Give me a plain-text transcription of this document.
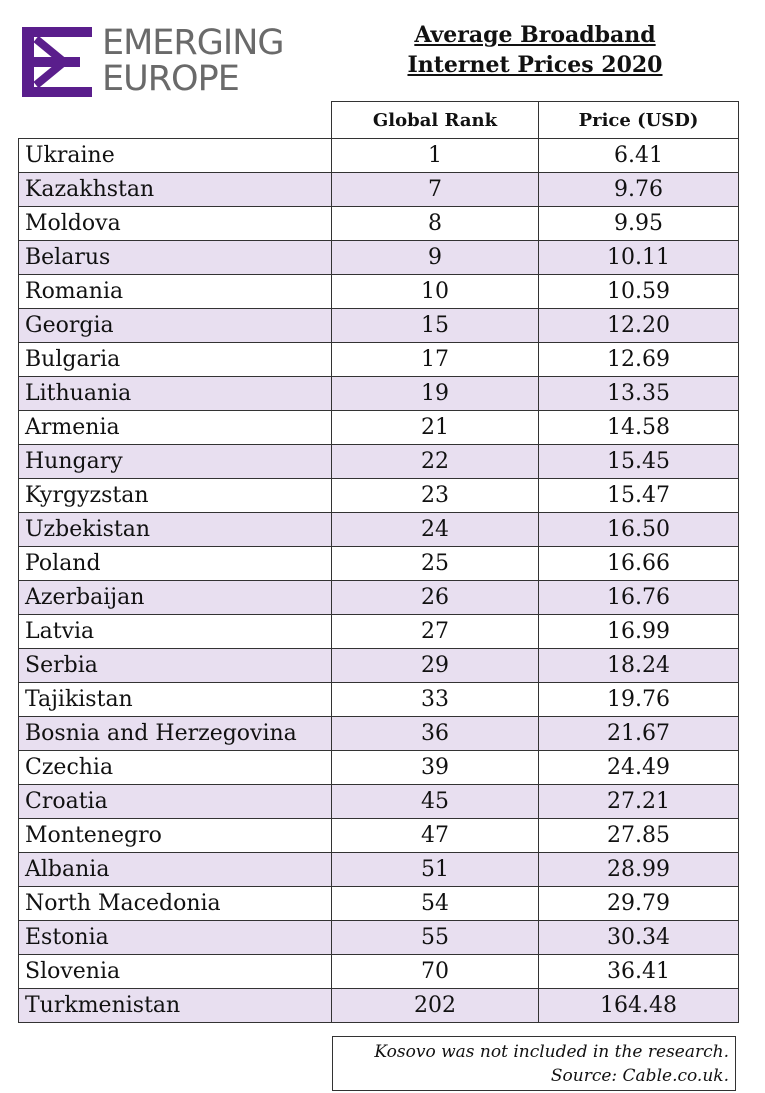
EMERGING
EUROPE
Average Broadband
Internet Prices 2020
	Global Rank	Price (USD)
Ukraine	1	6.41
Kazakhstan	7	9.76
Moldova	8	9.95
Belarus	9	10.11
Romania	10	10.59
Georgia	15	12.20
Bulgaria	17	12.69
Lithuania	19	13.35
Armenia	21	14.58
Hungary	22	15.45
Kyrgyzstan	23	15.47
Uzbekistan	24	16.50
Poland	25	16.66
Azerbaijan	26	16.76
Latvia	27	16.99
Serbia	29	18.24
Tajikistan	33	19.76
Bosnia and Herzegovina	36	21.67
Czechia	39	24.49
Croatia	45	27.21
Montenegro	47	27.85
Albania	51	28.99
North Macedonia	54	29.79
Estonia	55	30.34
Slovenia	70	36.41
Turkmenistan	202	164.48
Kosovo was not included in the research.
Source: Cable.co.uk.
